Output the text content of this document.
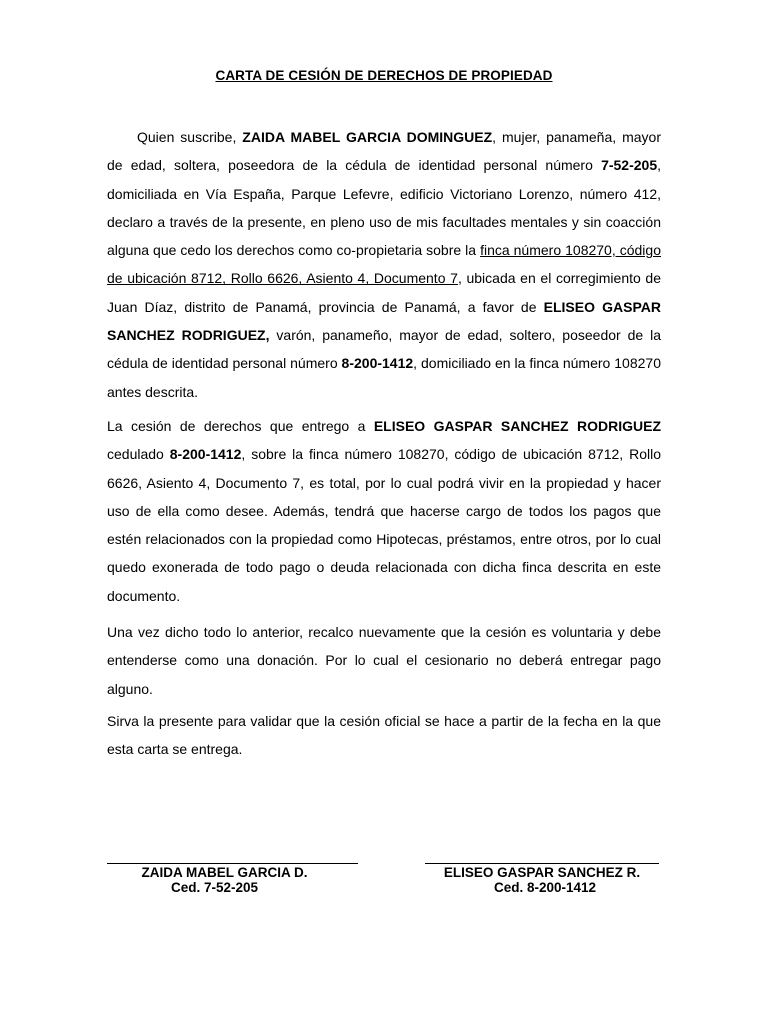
CARTA DE CESIÓN DE DERECHOS DE PROPIEDAD

Quien suscribe, ZAIDA MABEL GARCIA DOMINGUEZ, mujer, panameña, mayor de edad, soltera, poseedora de la cédula de identidad personal número 7-52-205, domiciliada en Vía España, Parque Lefevre, edificio Victoriano Lorenzo, número 412, declaro a través de la presente, en pleno uso de mis facultades mentales y sin coacción alguna que cedo los derechos como co-propietaria sobre la finca número 108270, código de ubicación 8712, Rollo 6626, Asiento 4, Documento 7, ubicada en el corregimiento de Juan Díaz, distrito de Panamá, provincia de Panamá, a favor de ELISEO GASPAR SANCHEZ RODRIGUEZ, varón, panameño, mayor de edad, soltero, poseedor de la cédula de identidad personal número 8-200-1412, domiciliado en la finca número 108270 antes descrita.

La cesión de derechos que entrego a ELISEO GASPAR SANCHEZ RODRIGUEZ cedulado 8-200-1412, sobre la finca número 108270, código de ubicación 8712, Rollo 6626, Asiento 4, Documento 7, es total, por lo cual podrá vivir en la propiedad y hacer uso de ella como desee. Además, tendrá que hacerse cargo de todos los pagos que estén relacionados con la propiedad como Hipotecas, préstamos, entre otros, por lo cual quedo exonerada de todo pago o deuda relacionada con dicha finca descrita en este documento.

Una vez dicho todo lo anterior, recalco nuevamente que la cesión es voluntaria y debe entenderse como una donación. Por lo cual el cesionario no deberá entregar pago alguno.

Sirva la presente para validar que la cesión oficial se hace a partir de la fecha en la que esta carta se entrega.

ZAIDA MABEL GARCIA D.
Ced. 7-52-205
ELISEO GASPAR SANCHEZ R.
Ced. 8-200-1412
